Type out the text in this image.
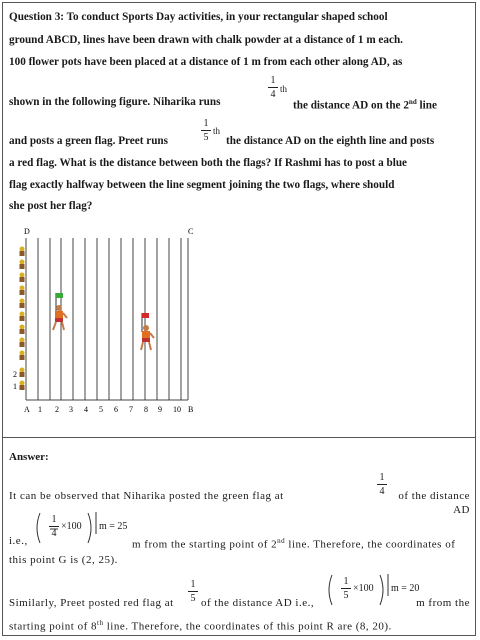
Question 3: To conduct Sports Day activities, in your rectangular shaped school
ground ABCD, lines have been drawn with chalk powder at a distance of 1 m each.
100 flower pots have been placed at a distance of 1 m from each other along AD, as
shown in the following figure. Niharika runs
1
4 th
the distance AD on the 2nd line
and posts a green flag. Preet runs
1
5
th
the distance AD on the eighth line and posts
a red flag. What is the distance between both the flags? If Rashmi has to post a blue
flag exactly halfway between the line segment joining the two flags, where should
she post her flag?
D	C
A	B
1 2 3 4 5 6 7 8 9 10
2
1
Answer:
It can be observed that Niharika posted the green flag at
1
4	of the distance AD
i.e.,
1
4
×100 m = 25
m from the starting point of 2nd line. Therefore, the coordinates of
this point G is (2, 25).
Similarly, Preet posted red flag at
1
5 of the distance AD i.e.,
1
5
×100 m = 20
m from the
starting point of 8th line. Therefore, the coordinates of this point R are (8, 20).
